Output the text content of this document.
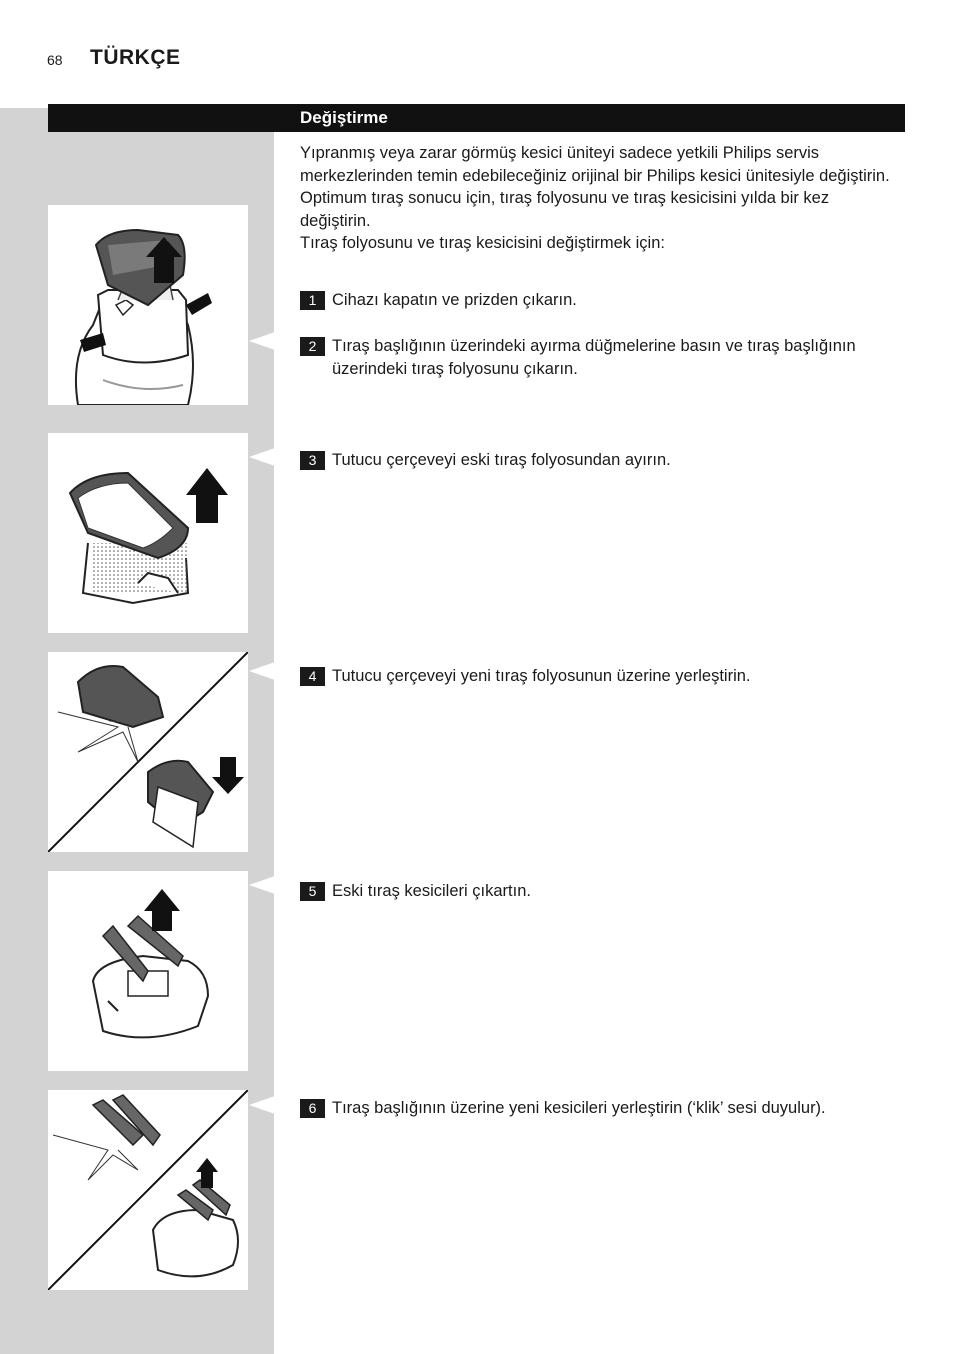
68 TÜRKÇE
Değiştirme

Yıpranmış veya zarar görmüş kesici üniteyi sadece yetkili Philips servis merkezlerinden temin edebileceğiniz orijinal bir Philips kesici ünitesiyle değiştirin.

Optimum tıraş sonucu için, tıraş folyosunu ve tıraş kesicisini yılda bir kez değiştirin.

Tıraş folyosunu ve tıraş kesicisini değiştirmek için:

1 Cihazı kapatın ve prizden çıkarın.
2 Tıraş başlığının üzerindeki ayırma düğmelerine basın ve tıraş başlığının üzerindeki tıraş folyosunu çıkarın.
3 Tutucu çerçeveyi eski tıraş folyosundan ayırın.
4 Tutucu çerçeveyi yeni tıraş folyosunun üzerine yerleştirin.
5 Eski tıraş kesicileri çıkartın.
6 Tıraş başlığının üzerine yeni kesicileri yerleştirin (‘klik’ sesi duyulur).
